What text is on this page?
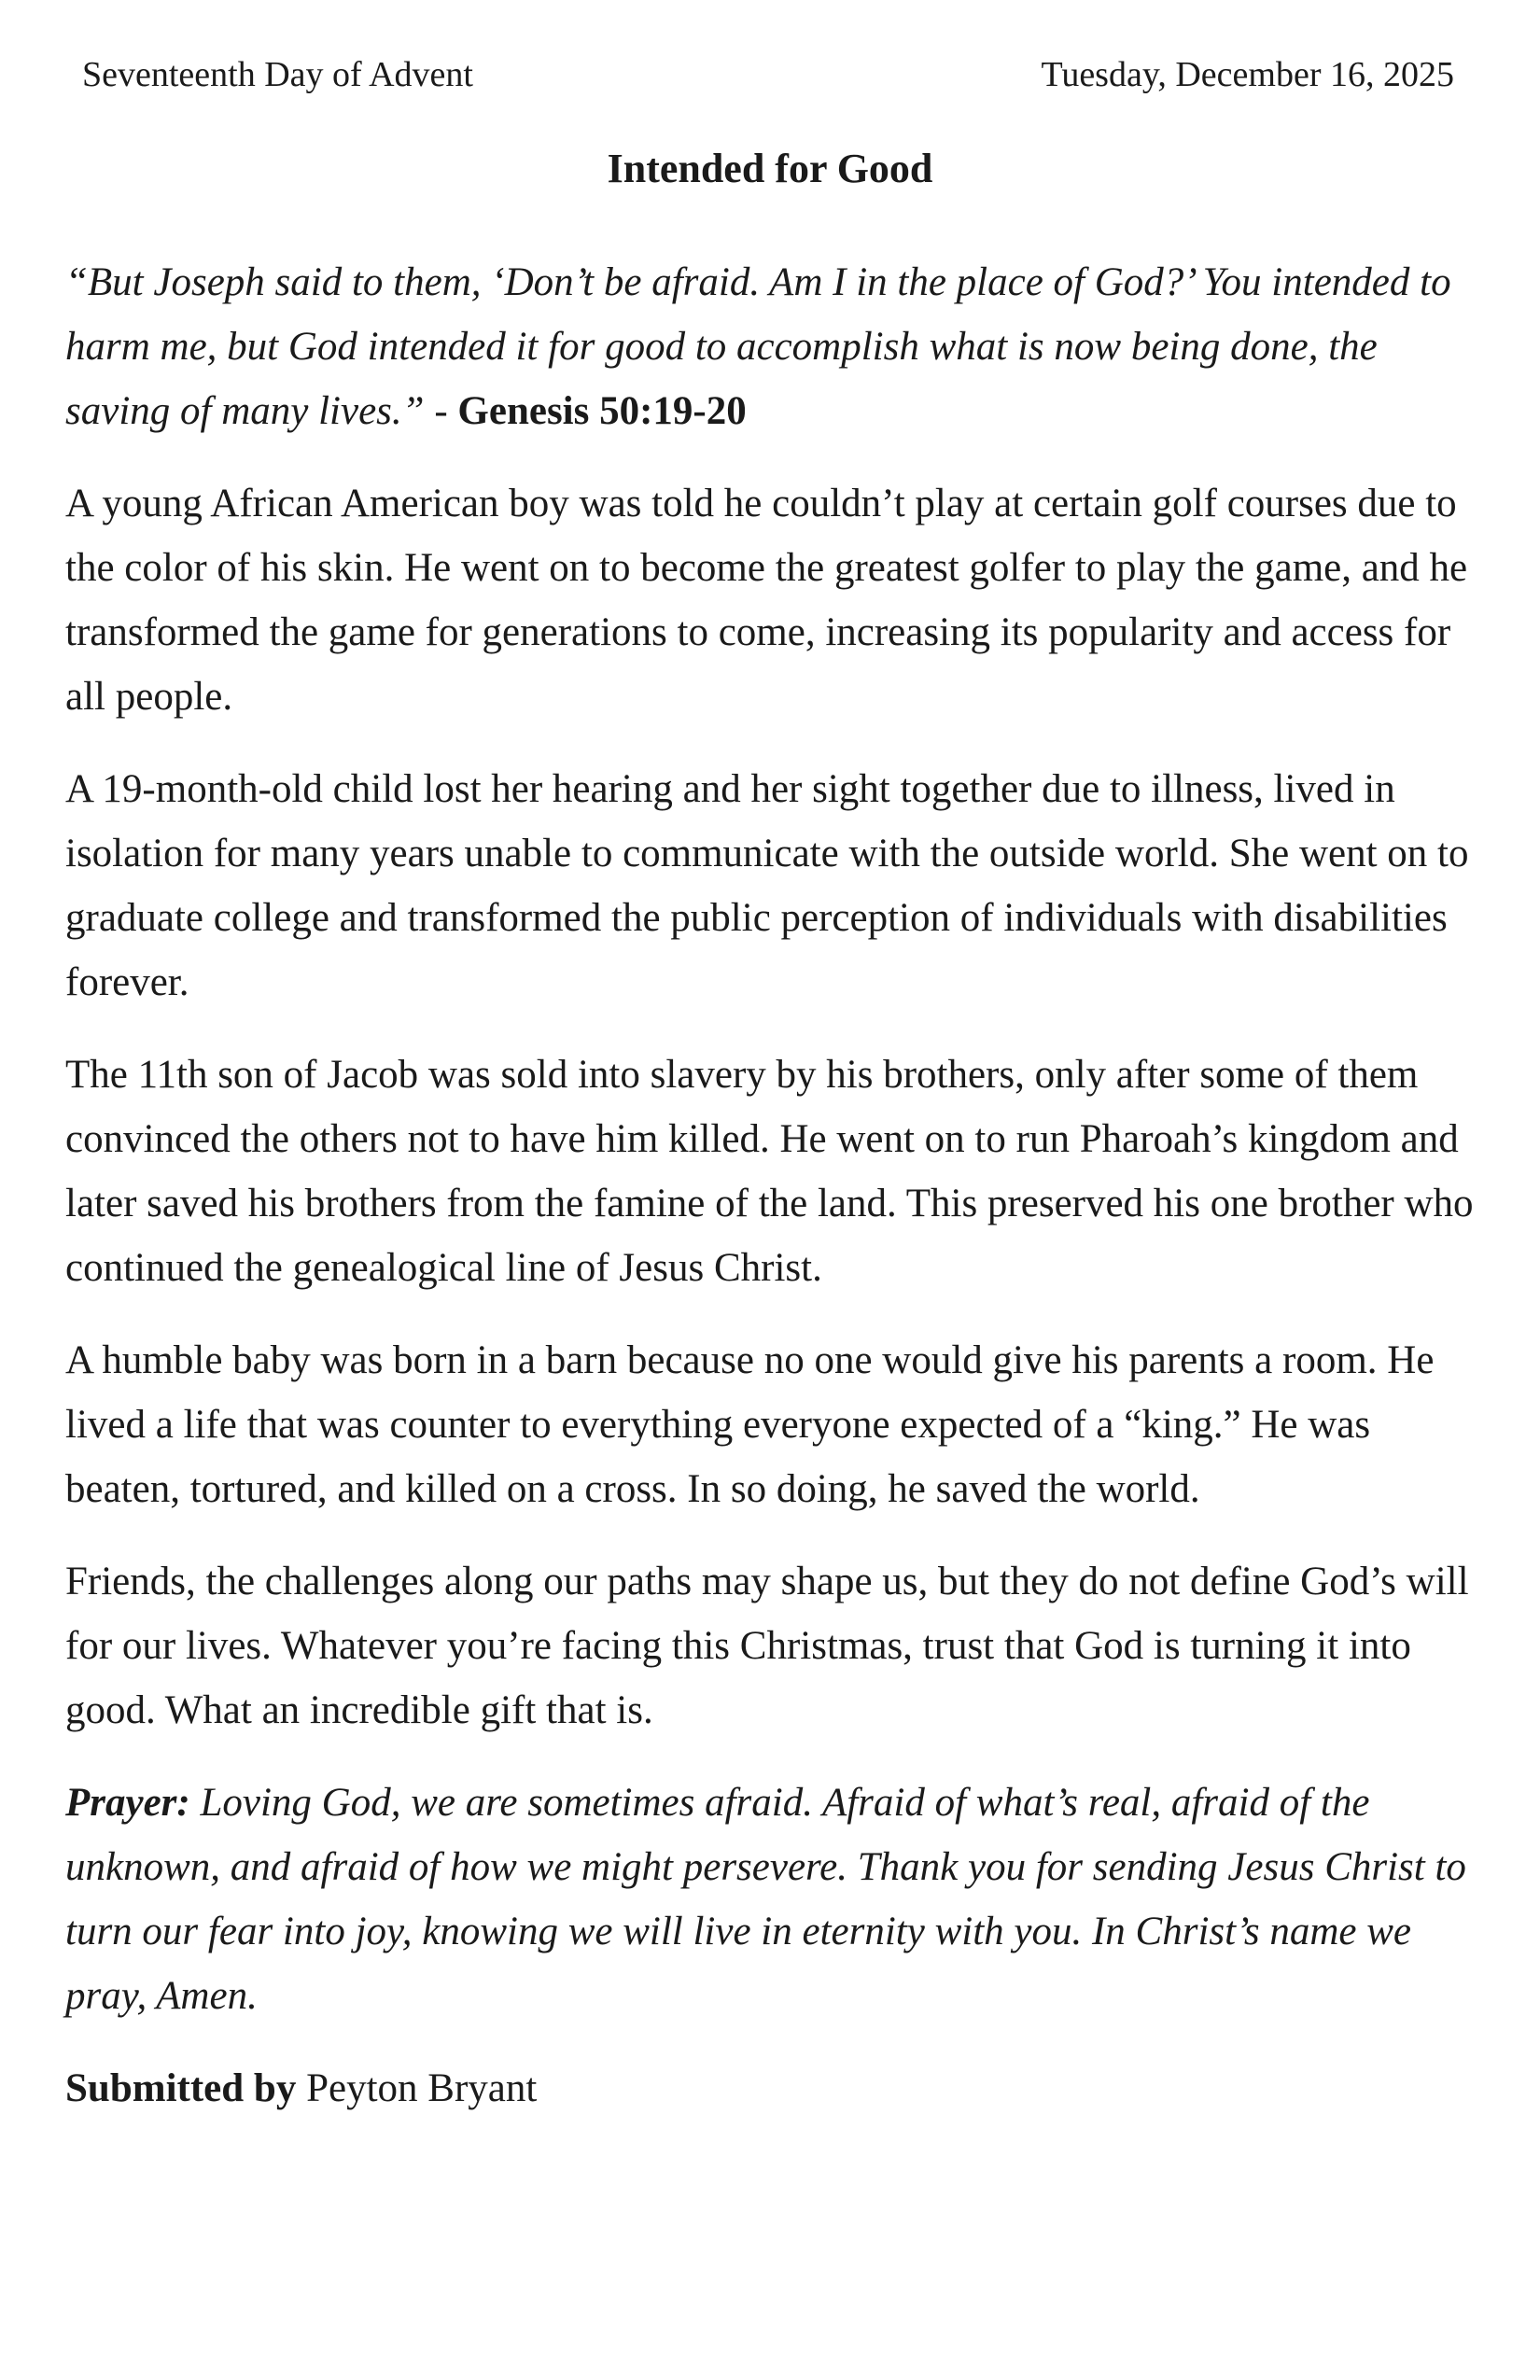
Seventeenth Day of Advent	Tuesday, December 16, 2025
Intended for Good

“But Joseph said to them, ‘Don’t be afraid. Am I in the place of God?’ You intended to harm me, but God intended it for good to accomplish what is now being done, the saving of many lives.” - Genesis 50:19-20

A young African American boy was told he couldn’t play at certain golf courses due to the color of his skin. He went on to become the greatest golfer to play the game, and he transformed the game for generations to come, increasing its popularity and access for all people.

A 19-month-old child lost her hearing and her sight together due to illness, lived in isolation for many years unable to communicate with the outside world. She went on to graduate college and transformed the public perception of individuals with disabilities forever.

The 11th son of Jacob was sold into slavery by his brothers, only after some of them convinced the others not to have him killed. He went on to run Pharoah’s kingdom and later saved his brothers from the famine of the land. This preserved his one brother who continued the genealogical line of Jesus Christ.

A humble baby was born in a barn because no one would give his parents a room. He lived a life that was counter to everything everyone expected of a “king.” He was beaten, tortured, and killed on a cross. In so doing, he saved the world.

Friends, the challenges along our paths may shape us, but they do not define God’s will for our lives. Whatever you’re facing this Christmas, trust that God is turning it into good. What an incredible gift that is.

Prayer: Loving God, we are sometimes afraid. Afraid of what’s real, afraid of the unknown, and afraid of how we might persevere. Thank you for sending Jesus Christ to turn our fear into joy, knowing we will live in eternity with you. In Christ’s name we pray, Amen.

Submitted by Peyton Bryant
